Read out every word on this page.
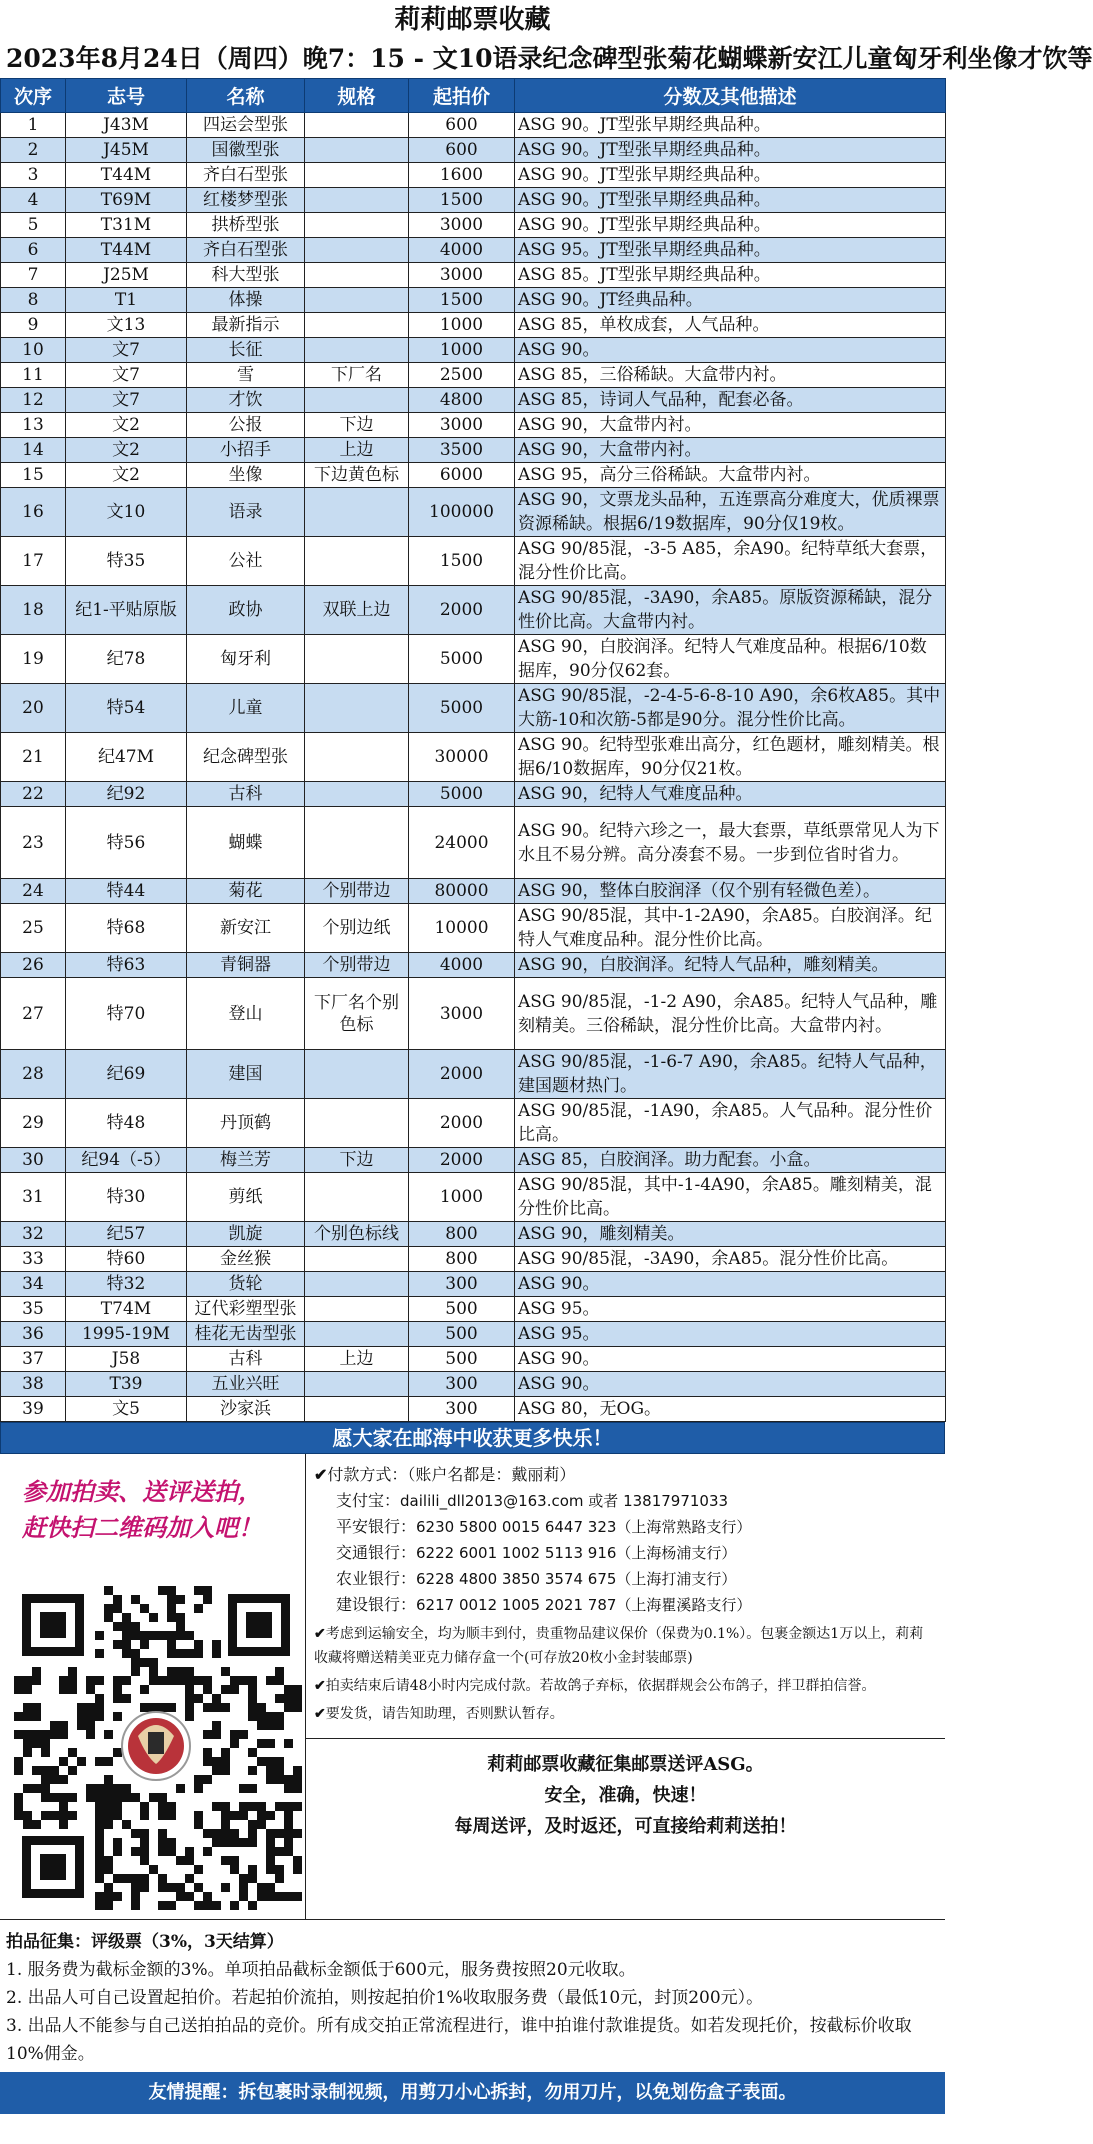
莉莉邮票收藏
2023年8月24日（周四）晚7：15 - 文10语录纪念碑型张菊花蝴蝶新安江儿童匈牙利坐像才饮等
次序	志号	名称	规格	起拍价	分数及其他描述
1	J43M	四运会型张		600	ASG 90。JT型张早期经典品种。
2	J45M	国徽型张		600	ASG 90。JT型张早期经典品种。
3	T44M	齐白石型张		1600	ASG 90。JT型张早期经典品种。
4	T69M	红楼梦型张		1500	ASG 90。JT型张早期经典品种。
5	T31M	拱桥型张		3000	ASG 90。JT型张早期经典品种。
6	T44M	齐白石型张		4000	ASG 95。JT型张早期经典品种。
7	J25M	科大型张		3000	ASG 85。JT型张早期经典品种。
8	T1	体操		1500	ASG 90。JT经典品种。
9	文13	最新指示		1000	ASG 85，单枚成套，人气品种。
10	文7	长征		1000	ASG 90。
11	文7	雪	下厂名	2500	ASG 85，三俗稀缺。大盒带内衬。
12	文7	才饮		4800	ASG 85，诗词人气品种，配套必备。
13	文2	公报	下边	3000	ASG 90，大盒带内衬。
14	文2	小招手	上边	3500	ASG 90，大盒带内衬。
15	文2	坐像	下边黄色标	6000	ASG 95，高分三俗稀缺。大盒带内衬。
16	文10	语录		100000	ASG 90，文票龙头品种，五连票高分难度大，优质裸票资源稀缺。根据6/19数据库，90分仅19枚。
17	特35	公社		1500	ASG 90/85混，-3-5 A85，余A90。纪特草纸大套票，混分性价比高。
18	纪1-平贴原版	政协	双联上边	2000	ASG 90/85混，-3A90，余A85。原版资源稀缺，混分性价比高。大盒带内衬。
19	纪78	匈牙利		5000	ASG 90，白胶润泽。纪特人气难度品种。根据6/10数据库，90分仅62套。
20	特54	儿童		5000	ASG 90/85混，-2-4-5-6-8-10 A90，余6枚A85。其中大筋-10和次筋-5都是90分。混分性价比高。
21	纪47M	纪念碑型张		30000	ASG 90。纪特型张难出高分，红色题材，雕刻精美。根据6/10数据库，90分仅21枚。
22	纪92	古科		5000	ASG 90，纪特人气难度品种。
23	特56	蝴蝶		24000	ASG 90。纪特六珍之一，最大套票，草纸票常见人为下水且不易分辨。高分凑套不易。一步到位省时省力。
24	特44	菊花	个别带边	80000	ASG 90，整体白胶润泽（仅个别有轻微色差）。
25	特68	新安江	个别边纸	10000	ASG 90/85混，其中-1-2A90，余A85。白胶润泽。纪特人气难度品种。混分性价比高。
26	特63	青铜器	个别带边	4000	ASG 90，白胶润泽。纪特人气品种，雕刻精美。
27	特70	登山	下厂名个别色标	3000	ASG 90/85混，-1-2 A90，余A85。纪特人气品种，雕刻精美。三俗稀缺，混分性价比高。大盒带内衬。
28	纪69	建国		2000	ASG 90/85混，-1-6-7 A90，余A85。纪特人气品种，建国题材热门。
29	特48	丹顶鹤		2000	ASG 90/85混，-1A90，余A85。人气品种。混分性价比高。
30	纪94（-5）	梅兰芳	下边	2000	ASG 85，白胶润泽。助力配套。小盒。
31	特30	剪纸		1000	ASG 90/85混，其中-1-4A90，余A85。雕刻精美，混分性价比高。
32	纪57	凯旋	个别色标线	800	ASG 90，雕刻精美。
33	特60	金丝猴		800	ASG 90/85混，-3A90，余A85。混分性价比高。
34	特32	货轮		300	ASG 90。
35	T74M	辽代彩塑型张		500	ASG 95。
36	1995-19M	桂花无齿型张		500	ASG 95。
37	J58	古科	上边	500	ASG 90。
38	T39	五业兴旺		300	ASG 90。
39	文5	沙家浜		300	ASG 80，无OG。
愿大家在邮海中收获更多快乐！
参加拍卖、送评送拍，
赶快扫二维码加入吧！
✔付款方式：（账户名都是：戴丽莉）
支付宝：dailili_dll2013@163.com 或者 13817971033
平安银行：6230 5800 0015 6447 323（上海常熟路支行）
交通银行：6222 6001 1002 5113 916（上海杨浦支行）
农业银行：6228 4800 3850 3574 675（上海打浦支行）
建设银行：6217 0012 1005 2021 787（上海瞿溪路支行）
✔考虑到运输安全，均为顺丰到付，贵重物品建议保价（保费为0.1%）。包裹金额达1万以上，莉莉收藏将赠送精美亚克力储存盒一个(可存放20枚小金封装邮票)
✔拍卖结束后请48小时内完成付款。若故鸽子弃标，依据群规会公布鸽子，拌卫群拍信誉。
✔要发货，请告知助理，否则默认暂存。
莉莉邮票收藏征集邮票送评ASG。
安全，准确，快速！
每周送评，及时返还，可直接给莉莉送拍！
拍品征集：评级票（3%，3天结算）
1. 服务费为截标金额的3%。单项拍品截标金额低于600元，服务费按照20元收取。
2. 出品人可自己设置起拍价。若起拍价流拍，则按起拍价1%收取服务费（最低10元，封顶200元）。
3. 出品人不能参与自己送拍拍品的竞价。所有成交拍正常流程进行，谁中拍谁付款谁提货。如若发现托价，按截标价收取10%佣金。
友情提醒：拆包裹时录制视频，用剪刀小心拆封，勿用刀片，以免划伤盒子表面。
